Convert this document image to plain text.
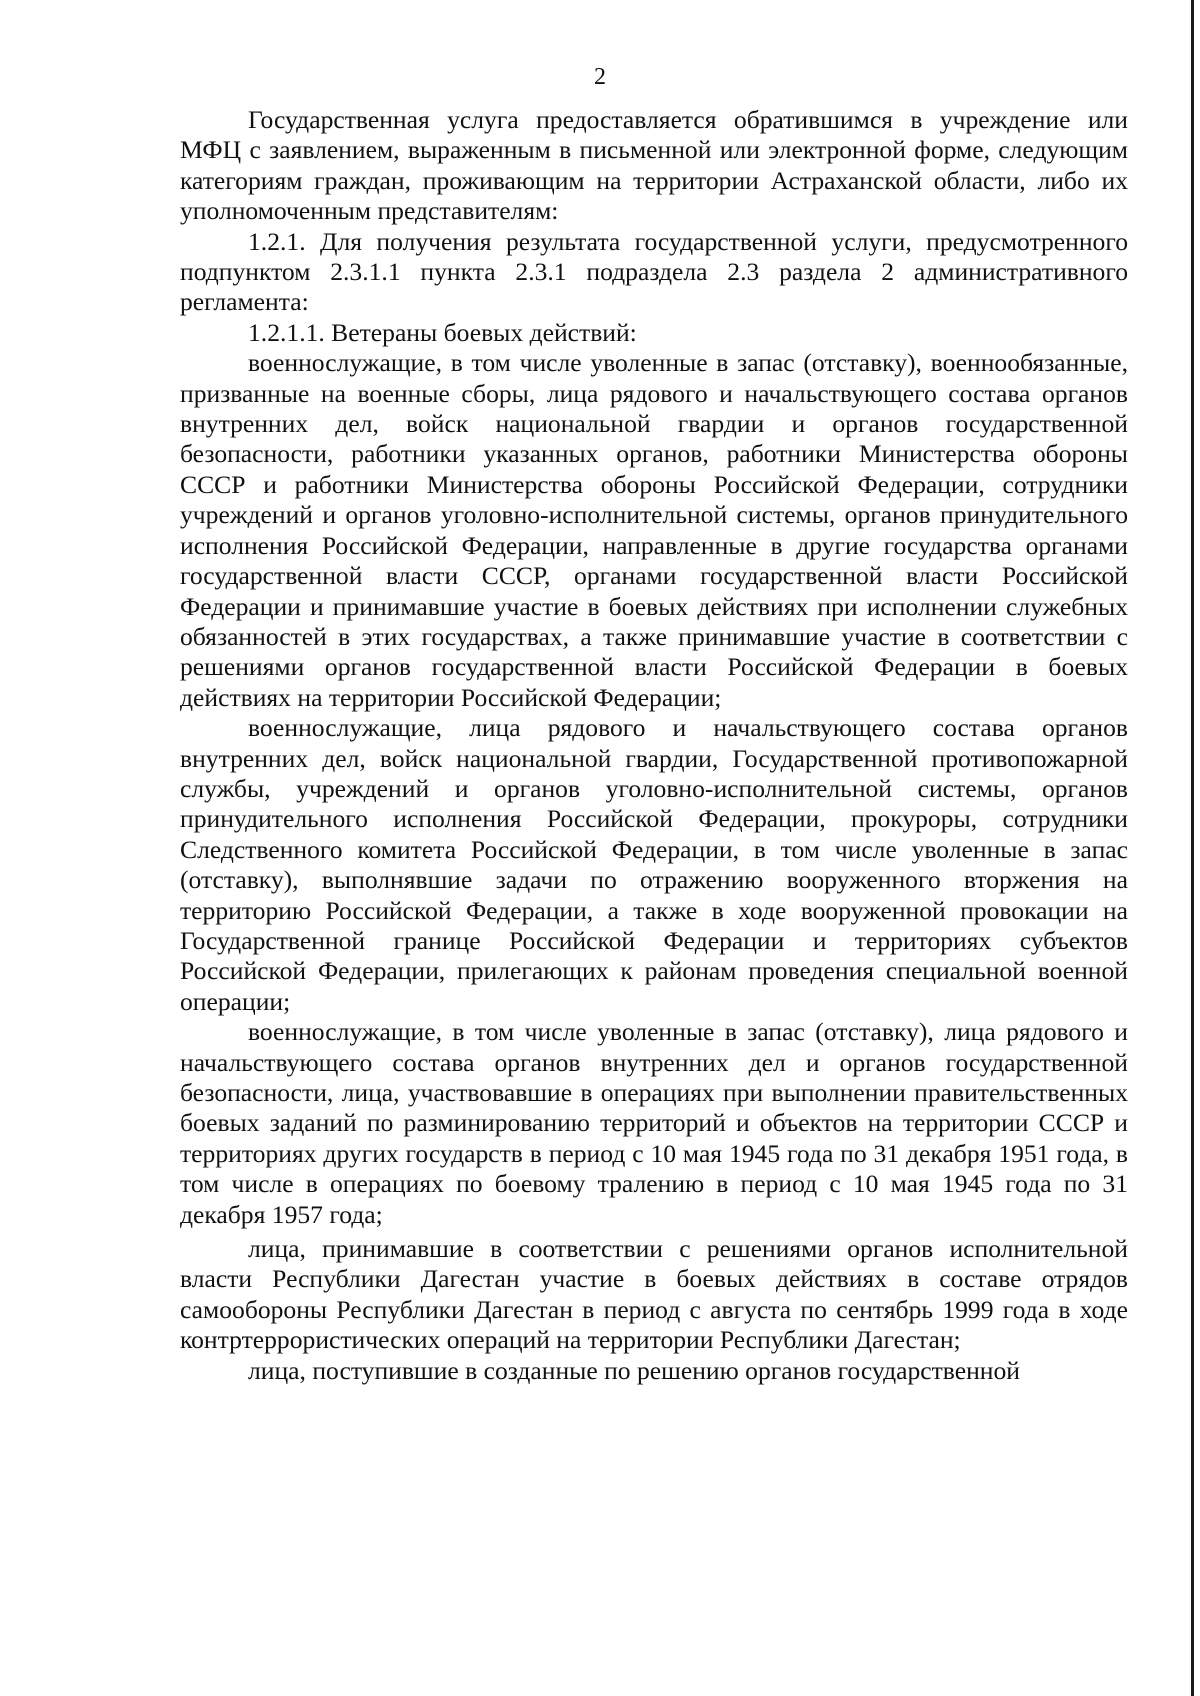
2

Государственная услуга предоставляется обратившимся в учреждение или МФЦ с заявлением, выраженным в письменной или электронной форме, следующим категориям граждан, проживающим на территории Астраханской области, либо их уполномоченным представителям:

1.2.1. Для получения результата государственной услуги, предусмотренного подпунктом 2.3.1.1 пункта 2.3.1 подраздела 2.3 раздела 2 административного регламента:

1.2.1.1. Ветераны боевых действий:

военнослужащие, в том числе уволенные в запас (отставку), военнообязанные, призванные на военные сборы, лица рядового и начальствующего состава органов внутренних дел, войск национальной гвардии и органов государственной безопасности, работники указанных органов, работники Министерства обороны СССР и работники Министерства обороны Российской Федерации, сотрудники учреждений и органов уголовно-исполнительной системы, органов принудительного исполнения Российской Федерации, направленные в другие государства органами государственной власти СССР, органами государственной власти Российской Федерации и принимавшие участие в боевых действиях при исполнении служебных обязанностей в этих государствах, а также принимавшие участие в соответствии с решениями органов государственной власти Российской Федерации в боевых действиях на территории Российской Федерации;

военнослужащие, лица рядового и начальствующего состава органов внутренних дел, войск национальной гвардии, Государственной противопожарной службы, учреждений и органов уголовно-исполнительной системы, органов принудительного исполнения Российской Федерации, прокуроры, сотрудники Следственного комитета Российской Федерации, в том числе уволенные в запас (отставку), выполнявшие задачи по отражению вооруженного вторжения на территорию Российской Федерации, а также в ходе вооруженной провокации на Государственной границе Российской Федерации и территориях субъектов Российской Федерации, прилегающих к районам проведения специальной военной операции;

военнослужащие, в том числе уволенные в запас (отставку), лица рядового и начальствующего состава органов внутренних дел и органов государственной безопасности, лица, участвовавшие в операциях при выполнении правительственных боевых заданий по разминированию территорий и объектов на территории СССР и территориях других государств в период с 10 мая 1945 года по 31 декабря 1951 года, в том числе в операциях по боевому тралению в период с 10 мая 1945 года по 31 декабря 1957 года;

лица, принимавшие в соответствии с решениями органов исполнительной власти Республики Дагестан участие в боевых действиях в составе отрядов самообороны Республики Дагестан в период с августа по сентябрь 1999 года в ходе контртеррористических операций на территории Республики Дагестан;

лица, поступившие в созданные по решению органов государственной
